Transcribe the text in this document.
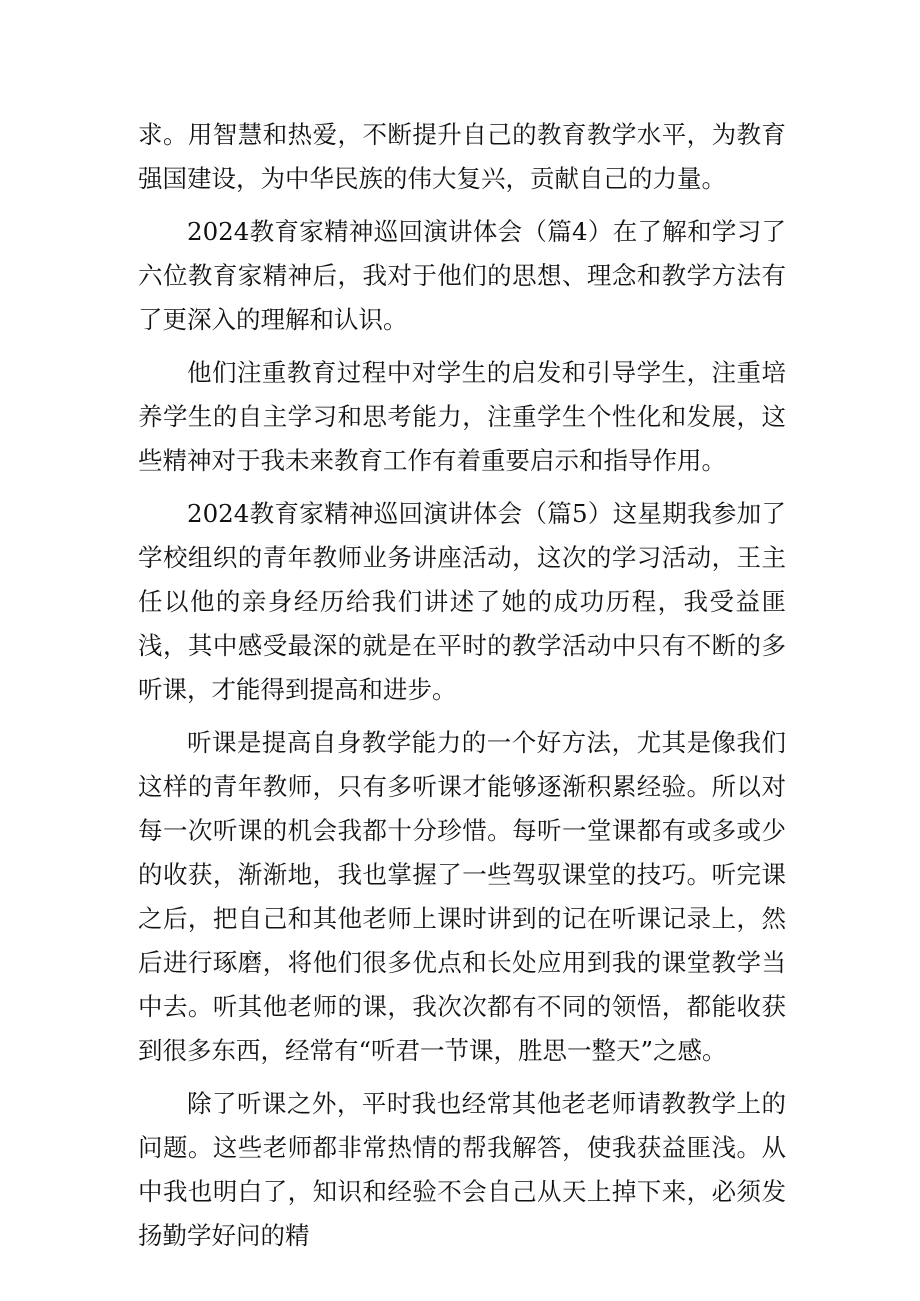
求。用智慧和热爱，不断提升自己的教育教学水平，为教育强国建设，为中华民族的伟大复兴，贡献自己的力量。

2024教育家精神巡回演讲体会（篇4）在了解和学习了六位教育家精神后，我对于他们的思想、理念和教学方法有了更深入的理解和认识。

他们注重教育过程中对学生的启发和引导学生，注重培养学生的自主学习和思考能力，注重学生个性化和发展，这些精神对于我未来教育工作有着重要启示和指导作用。

2024教育家精神巡回演讲体会（篇5）这星期我参加了学校组织的青年教师业务讲座活动，这次的学习活动，王主任以他的亲身经历给我们讲述了她的成功历程，我受益匪浅，其中感受最深的就是在平时的教学活动中只有不断的多听课，才能得到提高和进步。

听课是提高自身教学能力的一个好方法，尤其是像我们这样的青年教师，只有多听课才能够逐渐积累经验。所以对每一次听课的机会我都十分珍惜。每听一堂课都有或多或少的收获，渐渐地，我也掌握了一些驾驭课堂的技巧。听完课之后，把自己和其他老师上课时讲到的记在听课记录上，然后进行琢磨，将他们很多优点和长处应用到我的课堂教学当中去。听其他老师的课，我次次都有不同的领悟，都能收获到很多东西，经常有“听君一节课，胜思一整天”之感。

除了听课之外，平时我也经常其他老老师请教教学上的问题。这些老师都非常热情的帮我解答，使我获益匪浅。从中我也明白了，知识和经验不会自己从天上掉下来，必须发扬勤学好问的精
